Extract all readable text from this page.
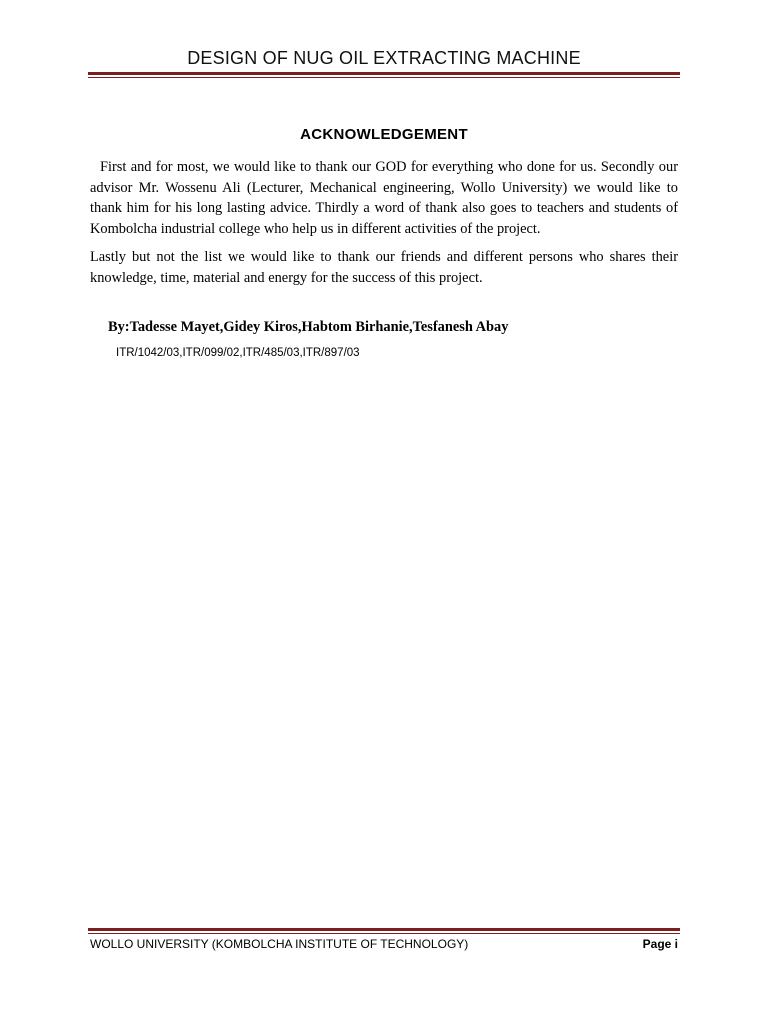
DESIGN OF NUG OIL EXTRACTING MACHINE
ACKNOWLEDGEMENT

First and for most, we would like to thank our GOD for everything who done for us. Secondly our advisor Mr. Wossenu Ali (Lecturer, Mechanical engineering, Wollo University) we would like to thank him for his long lasting advice. Thirdly a word of thank also goes to teachers and students of Kombolcha industrial college who help us in different activities of the project.

Lastly but not the list we would like to thank our friends and different persons who shares their knowledge, time, material and energy for the success of this project.

By:Tadesse Mayet,Gidey Kiros,Habtom Birhanie,Tesfanesh Abay
ITR/1042/03,ITR/099/02,ITR/485/03,ITR/897/03
WOLLO UNIVERSITY (KOMBOLCHA INSTITUTE OF TECHNOLOGY)	Page i
